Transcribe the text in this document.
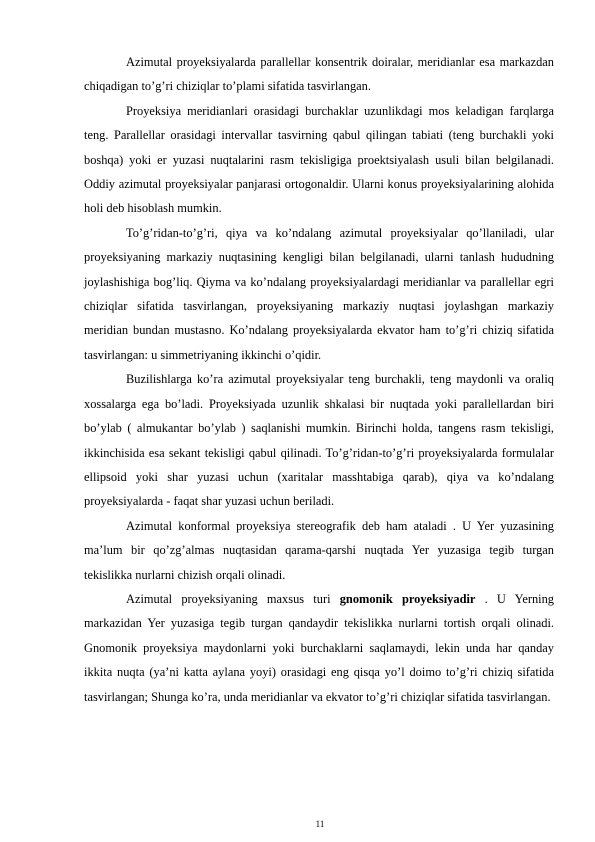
Azimutal proyeksiyalarda parallellar konsentrik doiralar, meridianlar esa markazdan chiqadigan to’g’ri chiziqlar to’plami sifatida tasvirlangan.

Proyeksiya meridianlari orasidagi burchaklar uzunlikdagi mos keladigan farqlarga teng. Parallellar orasidagi intervallar tasvirning qabul qilingan tabiati (teng burchakli yoki boshqa) yoki er yuzasi nuqtalarini rasm tekisligiga proektsiyalash usuli bilan belgilanadi. Oddiy azimutal proyeksiyalar panjarasi ortogonaldir. Ularni konus proyeksiyalarining alohida holi deb hisoblash mumkin.

To’g’ridan-to’g’ri, qiya va ko’ndalang azimutal proyeksiyalar qo’llaniladi, ular proyeksiyaning markaziy nuqtasining kengligi bilan belgilanadi, ularni tanlash hududning joylashishiga bog’liq. Qiyma va ko’ndalang proyeksiyalardagi meridianlar va parallellar egri chiziqlar sifatida tasvirlangan, proyeksiyaning markaziy nuqtasi joylashgan markaziy meridian bundan mustasno. Ko’ndalang proyeksiyalarda ekvator ham to’g’ri chiziq sifatida tasvirlangan: u simmetriyaning ikkinchi o’qidir.

Buzilishlarga ko’ra azimutal proyeksiyalar teng burchakli, teng maydonli va oraliq xossalarga ega bo’ladi. Proyeksiyada uzunlik shkalasi bir nuqtada yoki parallellardan biri bo’ylab ( almukantar bo’ylab ) saqlanishi mumkin. Birinchi holda, tangens rasm tekisligi, ikkinchisida esa sekant tekisligi qabul qilinadi. To’g’ridan-to’g’ri proyeksiyalarda formulalar ellipsoid yoki shar yuzasi uchun (xaritalar masshtabiga qarab), qiya va ko’ndalang proyeksiyalarda - faqat shar yuzasi uchun beriladi.

Azimutal konformal proyeksiya stereografik deb ham ataladi . U Yer yuzasining ma’lum bir qo’zg’almas nuqtasidan qarama-qarshi nuqtada Yer yuzasiga tegib turgan tekislikka nurlarni chizish orqali olinadi.

Azimutal proyeksiyaning maxsus turi gnomonik proyeksiyadir . U Yerning markazidan Yer yuzasiga tegib turgan qandaydir tekislikka nurlarni tortish orqali olinadi. Gnomonik proyeksiya maydonlarni yoki burchaklarni saqlamaydi, lekin unda har qanday ikkita nuqta (ya’ni katta aylana yoyi) orasidagi eng qisqa yo’l doimo to’g’ri chiziq sifatida tasvirlangan; Shunga ko’ra, unda meridianlar va ekvator to’g’ri chiziqlar sifatida tasvirlangan.

11
